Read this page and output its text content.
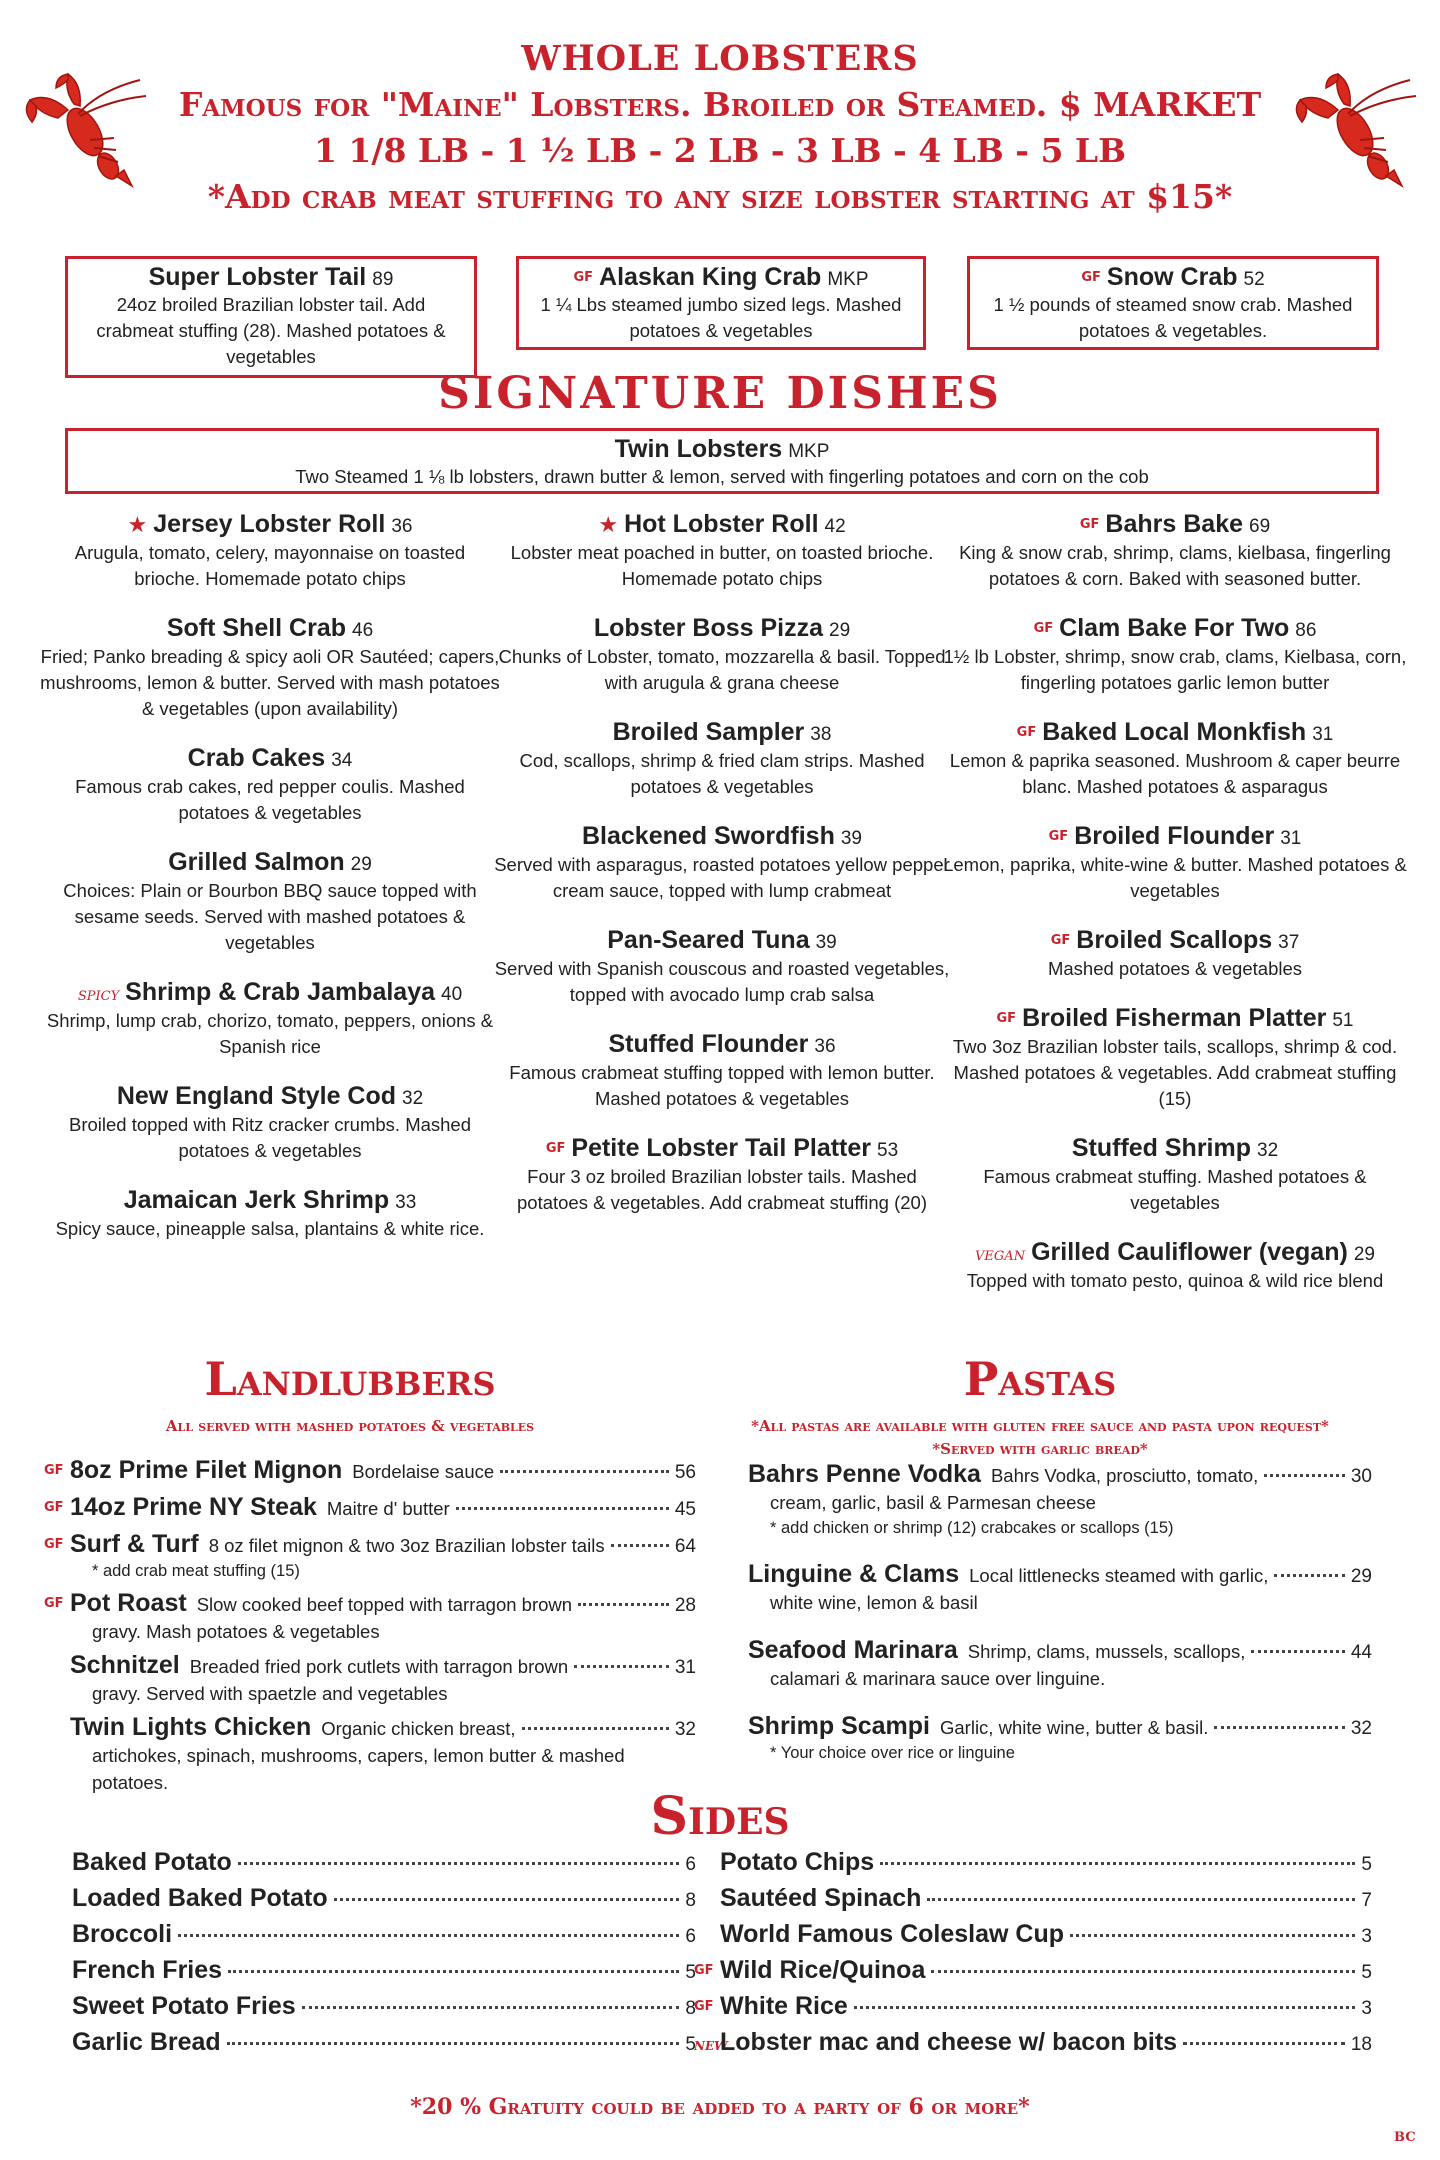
WHOLE LOBSTERS
Famous for "Maine" Lobsters. Broiled or Steamed. $ MARKET
1 1/8 LB - 1 ½ LB - 2 LB - 3 LB - 4 LB - 5 LB
*Add crab meat stuffing to any size lobster starting at $15*
Super Lobster Tail 89
24oz broiled Brazilian lobster tail. Add crabmeat stuffing (28). Mashed potatoes & vegetables
$^{GF}$ Alaskan King Crab MKP
1 ¼ Lbs steamed jumbo sized legs. Mashed potatoes & vegetables
$^{GF}$ Snow Crab 52
1 ½ pounds of steamed snow crab. Mashed potatoes & vegetables.
SIGNATURE DISHES
Twin Lobsters MKP
Two Steamed 1 ⅛ lb lobsters, drawn butter & lemon, served with fingerling potatoes and corn on the cob
★ Jersey Lobster Roll 36
Arugula, tomato, celery, mayonnaise on toasted brioche. Homemade potato chips
Soft Shell Crab 46
Fried; Panko breading & spicy aoli OR Sautéed; capers, mushrooms, lemon & butter. Served with mash potatoes & vegetables (upon availability)
Crab Cakes 34
Famous crab cakes, red pepper coulis. Mashed potatoes & vegetables
Grilled Salmon 29
Choices: Plain or Bourbon BBQ sauce topped with sesame seeds. Served with mashed potatoes & vegetables
SPICY Shrimp & Crab Jambalaya 40
Shrimp, lump crab, chorizo, tomato, peppers, onions & Spanish rice
New England Style Cod 32
Broiled topped with Ritz cracker crumbs. Mashed potatoes & vegetables
Jamaican Jerk Shrimp 33
Spicy sauce, pineapple salsa, plantains & white rice.
★ Hot Lobster Roll 42
Lobster meat poached in butter, on toasted brioche. Homemade potato chips
Lobster Boss Pizza 29
Chunks of Lobster, tomato, mozzarella & basil. Topped with arugula & grana cheese
Broiled Sampler 38
Cod, scallops, shrimp & fried clam strips. Mashed potatoes & vegetables
Blackened Swordfish 39
Served with asparagus, roasted potatoes yellow pepper cream sauce, topped with lump crabmeat
Pan-Seared Tuna 39
Served with Spanish couscous and roasted vegetables, topped with avocado lump crab salsa
Stuffed Flounder 36
Famous crabmeat stuffing topped with lemon butter. Mashed potatoes & vegetables
$^{GF}$ Petite Lobster Tail Platter 53
Four 3 oz broiled Brazilian lobster tails. Mashed potatoes & vegetables. Add crabmeat stuffing (20)
$^{GF}$ Bahrs Bake 69
King & snow crab, shrimp, clams, kielbasa, fingerling potatoes & corn. Baked with seasoned butter.
$^{GF}$ Clam Bake For Two 86
1½ lb Lobster, shrimp, snow crab, clams, Kielbasa, corn, fingerling potatoes garlic lemon butter
$^{GF}$ Baked Local Monkfish 31
Lemon & paprika seasoned. Mushroom & caper beurre blanc. Mashed potatoes & asparagus
$^{GF}$ Broiled Flounder 31
Lemon, paprika, white-wine & butter. Mashed potatoes & vegetables
$^{GF}$ Broiled Scallops 37
Mashed potatoes & vegetables
$^{GF}$ Broiled Fisherman Platter 51
Two 3oz Brazilian lobster tails, scallops, shrimp & cod. Mashed potatoes & vegetables. Add crabmeat stuffing (15)
Stuffed Shrimp 32
Famous crabmeat stuffing. Mashed potatoes & vegetables
VEGAN Grilled Cauliflower (vegan) 29
Topped with tomato pesto, quinoa & wild rice blend
Landlubbers
All served with mashed potatoes & vegetables
$^{GF}$ 8oz Prime Filet Mignon Bordelaise sauce	56
$^{GF}$ 14oz Prime NY Steak Maitre d' butter	45
$^{GF}$ Surf & Turf 8 oz filet mignon & two 3oz Brazilian lobster tails	64
* add crab meat stuffing (15)
$^{GF}$ Pot Roast Slow cooked beef topped with tarragon brown	28
gravy. Mash potatoes & vegetables
Schnitzel Breaded fried pork cutlets with tarragon brown	31
gravy. Served with spaetzle and vegetables
Twin Lights Chicken Organic chicken breast,	32
artichokes, spinach, mushrooms, capers, lemon butter & mashed potatoes.
Pastas
*All pastas are available with gluten free sauce and pasta upon request*
*Served with garlic bread*
Bahrs Penne Vodka Bahrs Vodka, prosciutto, tomato,	30
cream, garlic, basil & Parmesan cheese
* add chicken or shrimp (12) crabcakes or scallops (15)
Linguine & Clams Local littlenecks steamed with garlic,	29
white wine, lemon & basil
Seafood Marinara Shrimp, clams, mussels, scallops,	44
calamari & marinara sauce over linguine.
Shrimp Scampi Garlic, white wine, butter & basil.	32
* Your choice over rice or linguine
Sides
Baked Potato	6
Loaded Baked Potato	8
Broccoli	6
French Fries	5
Sweet Potato Fries	8
Garlic Bread	5
Potato Chips	5
Sautéed Spinach	7
World Famous Coleslaw Cup	3
$^{GF}$ Wild Rice/Quinoa	5
$^{GF}$ White Rice	3
NEW
Lobster mac and cheese w/ bacon bits	18
*20 % Gratuity could be added to a party of 6 or more*
BC
